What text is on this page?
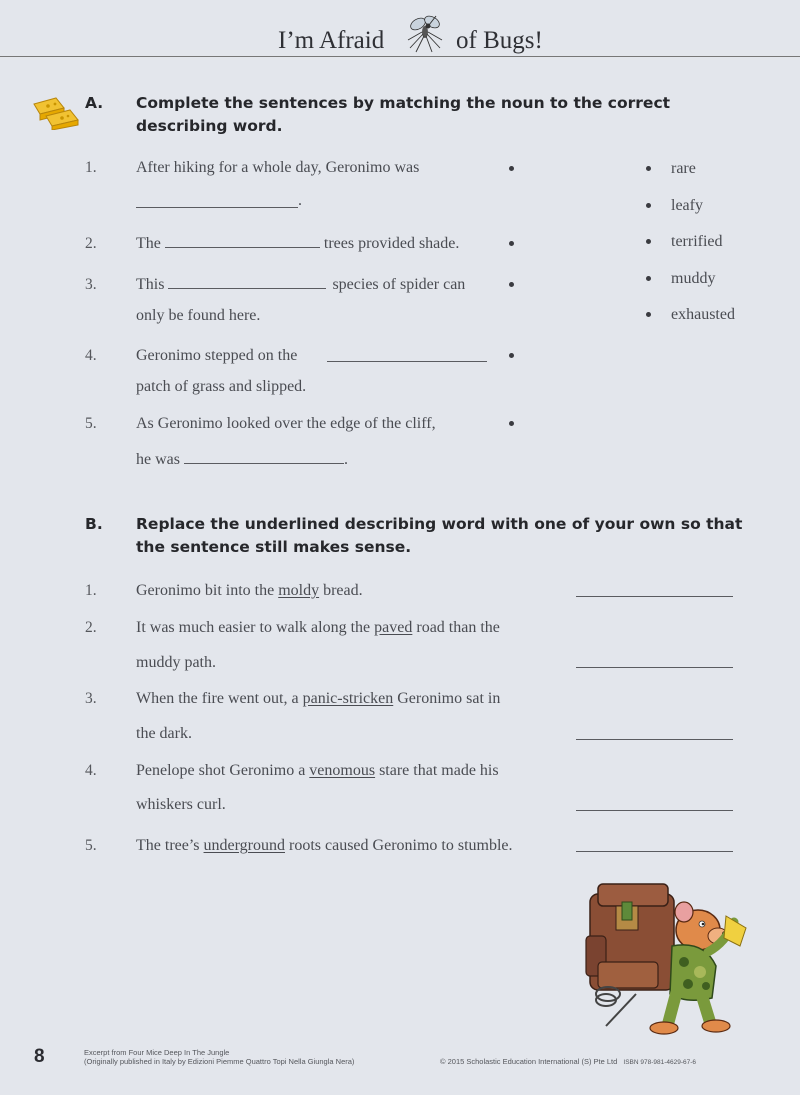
I’m Afraid	of Bugs!
A. Complete the sentences by matching the noun to the correct describing word.
1. After hiking for a whole day, Geronimo was
.
2. The	trees provided shade.
3. This	species of spider can
only be found here.
4. Geronimo stepped on the
patch of grass and slipped.
5. As Geronimo looked over the edge of the cliff,
he was	.
rare
leafy
terrified
muddy
exhausted
B. Replace the underlined describing word with one of your own so that the sentence still makes sense.
1. Geronimo bit into the moldy bread.
2. It was much easier to walk along the paved road than the
muddy path.
3. When the fire went out, a panic-stricken Geronimo sat in
the dark.
4. Penelope shot Geronimo a venomous stare that made his
whiskers curl.
5. The tree’s underground roots caused Geronimo to stumble.
8	Excerpt from Four Mice Deep In The Jungle
(Originally published in Italy by Edizioni Piemme Quattro Topi Nella Giungla Nera)	© 2015 Scholastic Education International (S) Pte Ltd ISBN 978-981-4629-67-6
